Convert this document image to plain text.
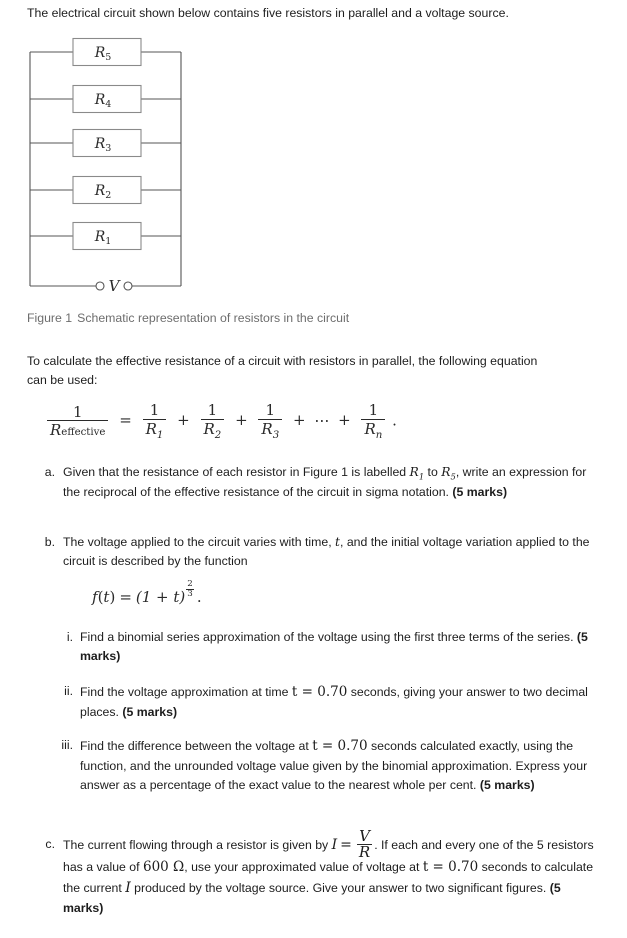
The electrical circuit shown below contains five resistors in parallel and a voltage source.
$R_5$
$R_4$
$R_3$
$R_2$
$R_1$
V
Figure 1 Schematic representation of resistors in the circuit
To calculate the effective resistance of a circuit with resistors in parallel, the following equation can be used:
$\frac{1}{\text{Reffective}} = \frac{1}{R_1} + \frac{1}{R_2} + \frac{1}{R_3}$ + ⋯ + $\frac{1}{R_n}$ .
a. Given that the resistance of each resistor in Figure 1 is labelled $R_1$ to $R_5$, write an expression for the reciprocal of the effective resistance of the circuit in sigma notation. (5 marks)
b. The voltage applied to the circuit varies with time, t, and the initial voltage variation applied to the circuit is described by the function
$f(t) = (1 + t) \frac{2}{3}$ .
i. Find a binomial series approximation of the voltage using the first three terms of the series. (5 marks)
ii. Find the voltage approximation at time t = 0.70 seconds, giving your answer to two decimal places. (5 marks)
iii. Find the difference between the voltage at t = 0.70 seconds calculated exactly, using the function, and the unrounded voltage value given by the binomial approximation. Express your answer as a percentage of the exact value to the nearest whole per cent. (5 marks)
c. The current flowing through a resistor is given by $I = \frac{V}{R}$ . If each and every one of the 5 resistors has a value of 600 Ω, use your approximated value of voltage at t = 0.70 seconds to calculate the current I produced by the voltage source. Give your answer to two significant figures. (5 marks)
